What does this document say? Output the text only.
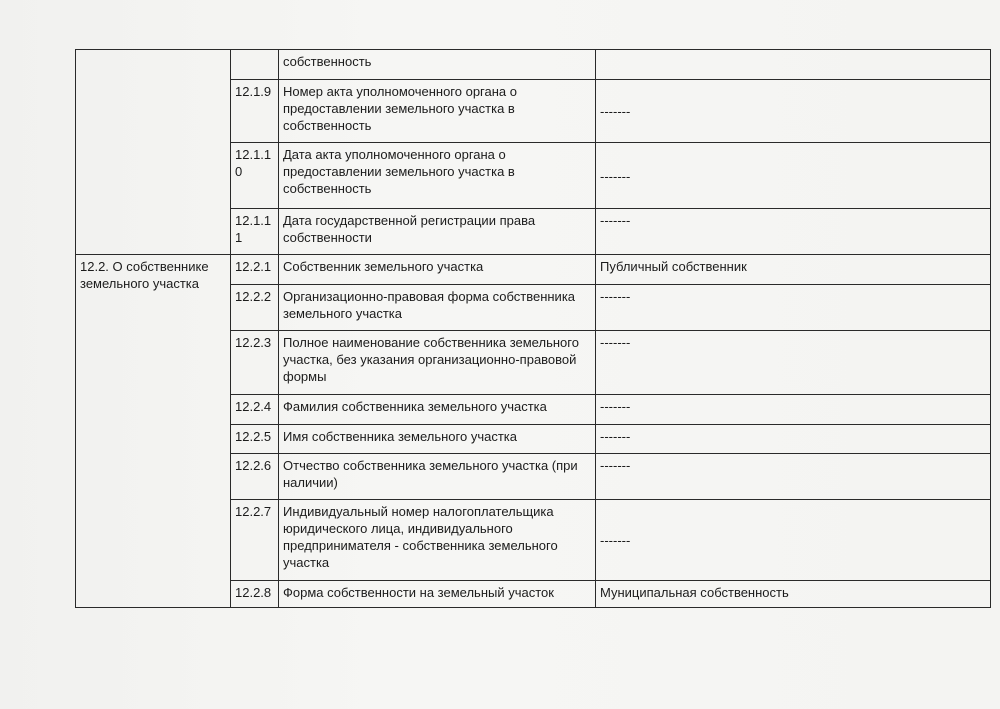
		собственность	
	12.1.9	Номер акта уполномоченного органа о предоставлении земельного участка в собственность	-------
	12.1.1 0	Дата акта уполномоченного органа о предоставлении земельного участка в собственность	-------
	12.1.1 1	Дата государственной регистрации права собственности	-------
12.2. О собственнике земельного участка	12.2.1	Собственник земельного участка	Публичный собственник
	12.2.2	Организационно-правовая форма собственника земельного участка	-------
	12.2.3	Полное наименование собственника земельного участка, без указания организационно-правовой формы	-------
	12.2.4	Фамилия собственника земельного участка	-------
	12.2.5	Имя собственника земельного участка	-------
	12.2.6	Отчество собственника земельного участка (при наличии)	-------
	12.2.7	Индивидуальный номер налогоплательщика юридического лица, индивидуального предпринимателя - собственника земельного участка	-------
	12.2.8	Форма собственности на земельный участок	Муниципальная собственность
